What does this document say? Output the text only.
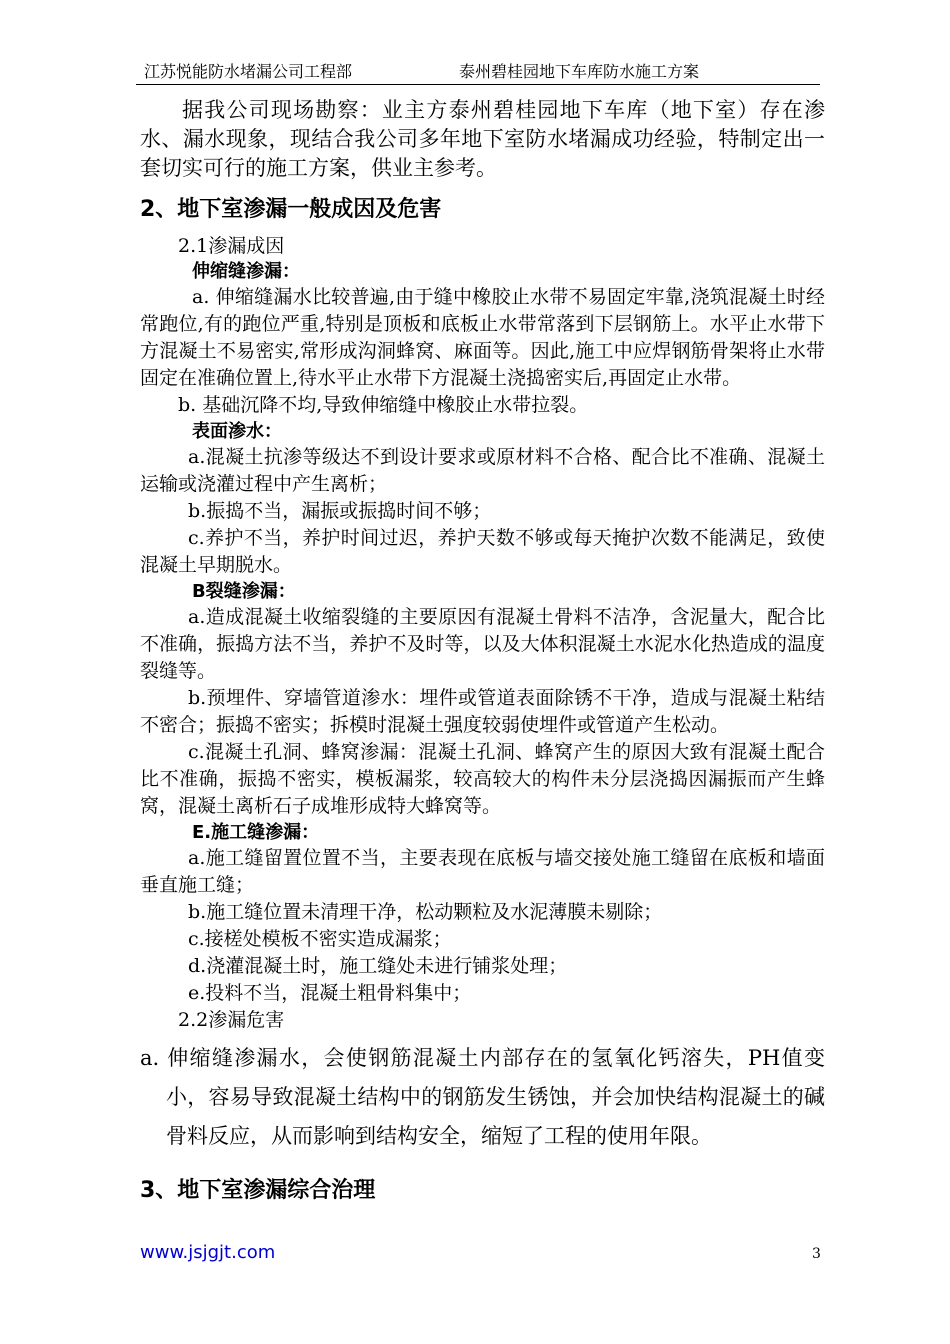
江苏悦能防水堵漏公司工程部	泰州碧桂园地下车库防水施工方案

据我公司现场勘察：业主方泰州碧桂园地下车库（地下室）存在渗水、漏水现象，现结合我公司多年地下室防水堵漏成功经验，特制定出一套切实可行的施工方案，供业主参考。

2、地下室渗漏一般成因及危害

2.1渗漏成因

伸缩缝渗漏：

a. 伸缩缝漏水比较普遍,由于缝中橡胶止水带不易固定牢靠,浇筑混凝土时经常跑位,有的跑位严重,特别是顶板和底板止水带常落到下层钢筋上。水平止水带下方混凝土不易密实,常形成沟洞蜂窝、麻面等。因此,施工中应焊钢筋骨架将止水带固定在准确位置上,待水平止水带下方混凝土浇捣密实后,再固定止水带。

b. 基础沉降不均,导致伸缩缝中橡胶止水带拉裂。

表面渗水：

a.混凝土抗渗等级达不到设计要求或原材料不合格、配合比不准确、混凝土运输或浇灌过程中产生离析；

b.振捣不当，漏振或振捣时间不够；

c.养护不当，养护时间过迟，养护天数不够或每天掩护次数不能满足，致使混凝土早期脱水。

B裂缝渗漏：

a.造成混凝土收缩裂缝的主要原因有混凝土骨料不洁净，含泥量大，配合比不准确，振捣方法不当，养护不及时等，以及大体积混凝土水泥水化热造成的温度裂缝等。

b.预埋件、穿墙管道渗水：埋件或管道表面除锈不干净，造成与混凝土粘结不密合；振捣不密实；拆模时混凝土强度较弱使埋件或管道产生松动。

c.混凝土孔洞、蜂窝渗漏：混凝土孔洞、蜂窝产生的原因大致有混凝土配合比不准确，振捣不密实，模板漏浆，较高较大的构件未分层浇捣因漏振而产生蜂窝，混凝土离析石子成堆形成特大蜂窝等。

E.施工缝渗漏：

a.施工缝留置位置不当，主要表现在底板与墙交接处施工缝留在底板和墙面垂直施工缝；

b.施工缝位置未清理干净，松动颗粒及水泥薄膜未剔除；

c.接槎处模板不密实造成漏浆；

d.浇灌混凝土时，施工缝处未进行铺浆处理；

e.投料不当，混凝土粗骨料集中；

2.2渗漏危害

a. 伸缩缝渗漏水，会使钢筋混凝土内部存在的氢氧化钙溶失，PH值变小，容易导致混凝土结构中的钢筋发生锈蚀，并会加快结构混凝土的碱骨料反应，从而影响到结构安全，缩短了工程的使用年限。

3、地下室渗漏综合治理

www.jsjgjt.com	3
